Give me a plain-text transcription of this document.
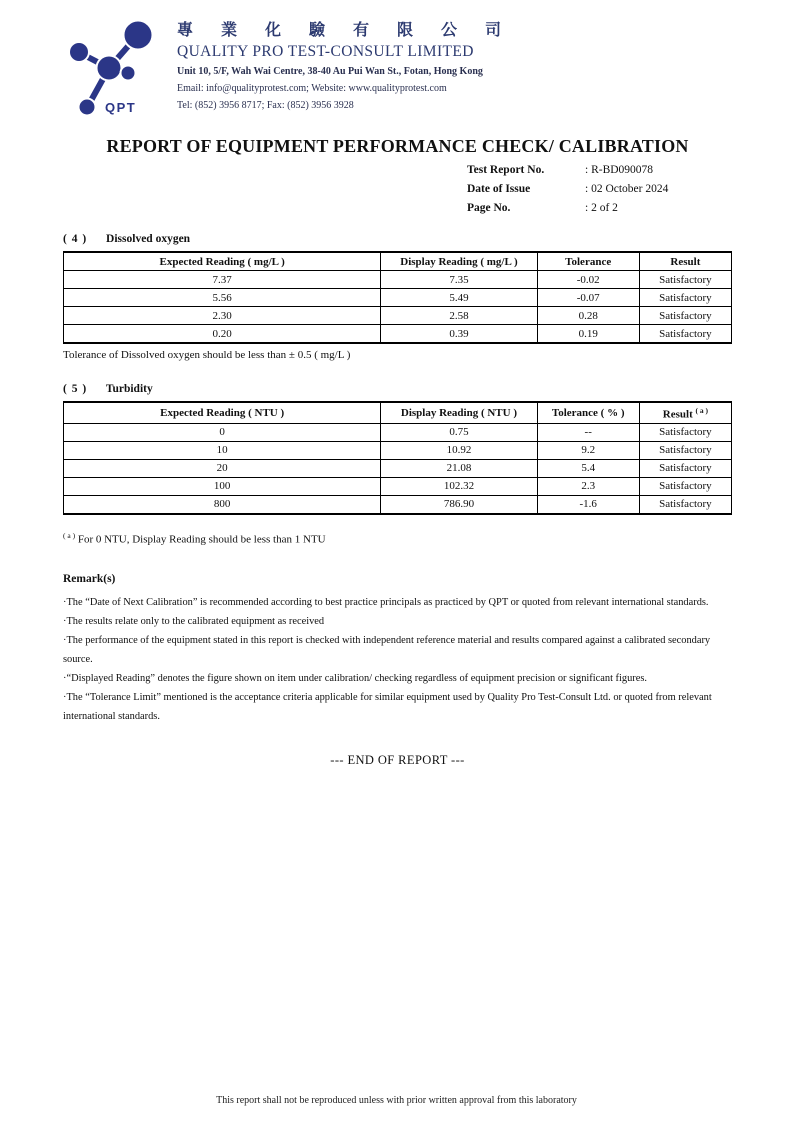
QPT
專 業 化 驗 有 限 公 司
QUALITY PRO TEST-CONSULT LIMITED
Unit 10, 5/F, Wah Wai Centre, 38-40 Au Pui Wan St., Fotan, Hong Kong
Email: info@qualityprotest.com; Website: www.qualityprotest.com
Tel: (852) 3956 8717; Fax: (852) 3956 3928
REPORT OF EQUIPMENT PERFORMANCE CHECK/ CALIBRATION
Test Report No.	: R-BD090078
Date of Issue	: 02 October 2024
Page No.	: 2 of 2
( 4 ) Dissolved oxygen
Expected Reading ( mg/L )	Display Reading ( mg/L )	Tolerance	Result
7.37	7.35	-0.02	Satisfactory
5.56	5.49	-0.07	Satisfactory
2.30	2.58	0.28	Satisfactory
0.20	0.39	0.19	Satisfactory
Tolerance of Dissolved oxygen should be less than ± 0.5 ( mg/L )
( 5 ) Turbidity
Expected Reading ( NTU )	Display Reading ( NTU )	Tolerance ( % )	Result $^{( a )}$
0	0.75	--	Satisfactory
10	10.92	9.2	Satisfactory
20	21.08	5.4	Satisfactory
100	102.32	2.3	Satisfactory
800	786.90	-1.6	Satisfactory
$^{( a )}$ For 0 NTU, Display Reading should be less than 1 NTU

Remark(s)

·The “Date of Next Calibration” is recommended according to best practice principals as practiced by QPT or quoted from relevant international standards.

·The results relate only to the calibrated equipment as received

·The performance of the equipment stated in this report is checked with independent reference material and results compared against a calibrated secondary source.

·“Displayed Reading” denotes the figure shown on item under calibration/ checking regardless of equipment precision or significant figures.

·The “Tolerance Limit” mentioned is the acceptance criteria applicable for similar equipment used by Quality Pro Test-Consult Ltd. or quoted from relevant international standards.

--- END OF REPORT ---
This report shall not be reproduced unless with prior written approval from this laboratory
